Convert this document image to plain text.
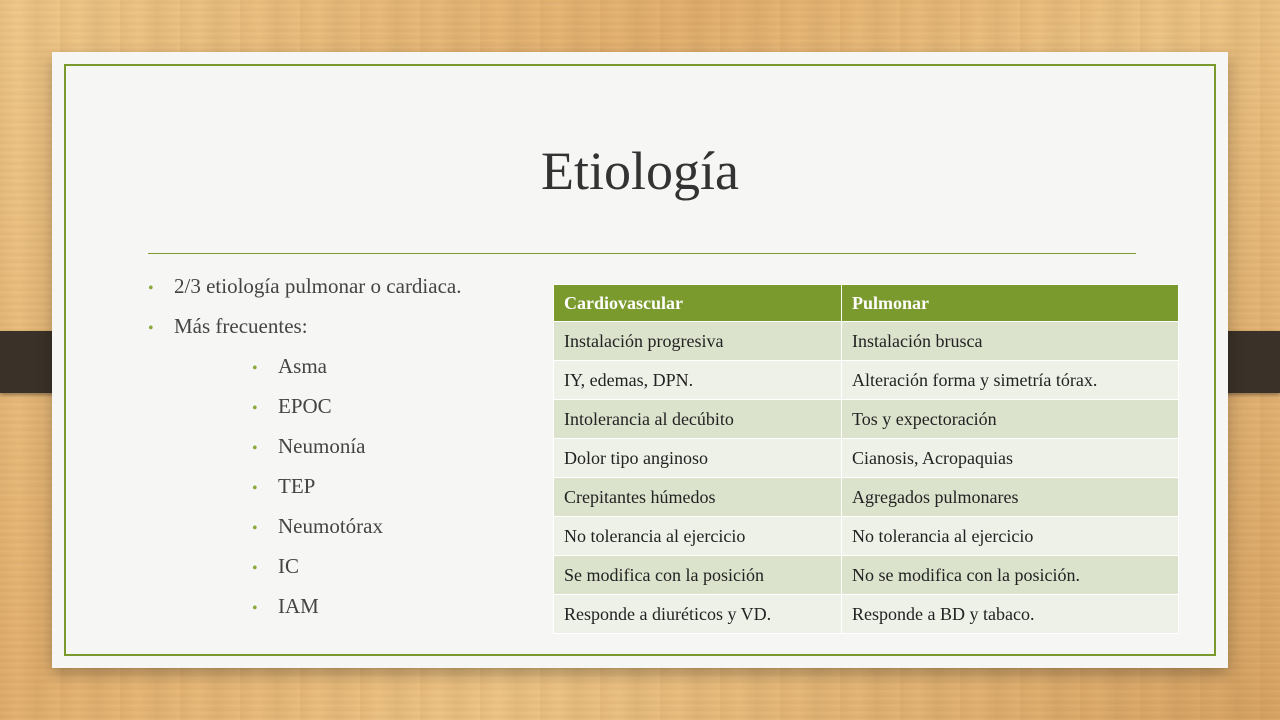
Etiología
• 2/3 etiología pulmonar o cardiaca.
• Más frecuentes:
• Asma
• EPOC
• Neumonía
• TEP
• Neumotórax
• IC
• IAM
Cardiovascular	Pulmonar
Instalación progresiva	Instalación brusca
IY, edemas, DPN.	Alteración forma y simetría tórax.
Intolerancia al decúbito	Tos y expectoración
Dolor tipo anginoso	Cianosis, Acropaquias
Crepitantes húmedos	Agregados pulmonares
No tolerancia al ejercicio	No tolerancia al ejercicio
Se modifica con la posición	No se modifica con la posición.
Responde a diuréticos y VD.	Responde a BD y tabaco.
